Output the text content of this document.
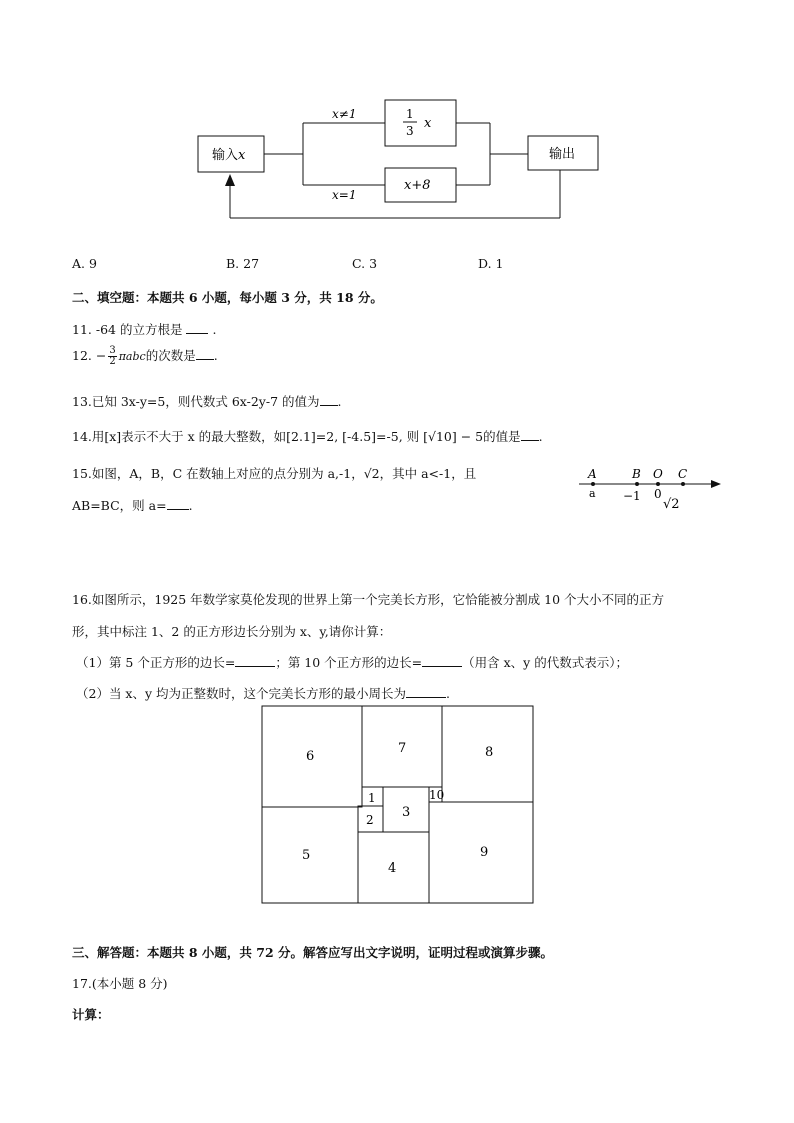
输入x
x≠1
x=1
1
3 x
x+8
输出
A. 9	B. 27	C. 3	D. 1
二、填空题：本题共 6 小题，每小题 3 分，共 18 分。
11. -64 的立方根是 .
12. − $\frac{3}{2}$ πabc的次数是 .
13.已知 3x-y=5，则代数式 6x-2y-7 的值为 .
14.用[x]表示不大于 x 的最大整数，如[2.1]=2, [-4.5]=-5, 则 [√10] − 5的值是 .
15.如图，A，B，C 在数轴上对应的点分别为 a,-1，√2，其中 a<-1，且
AB=BC，则 a= .
A	B O C
a −1 0
√2
16.如图所示，1925 年数学家莫伦发现的世界上第一个完美长方形，它恰能被分割成 10 个大小不同的正方
形，其中标注 1、2 的正方形边长分别为 x、y,请你计算：
（1）第 5 个正方形的边长=	；第 10 个正方形的边长=	（用含 x、y 的代数式表示）；
（2）当 x、y 均为正整数时，这个完美长方形的最小周长为	.
6
7	8
1
2 3
10
5
4
9
三、解答题：本题共 8 小题，共 72 分。解答应写出文字说明，证明过程或演算步骤。
17.(本小题 8 分)
计算：
